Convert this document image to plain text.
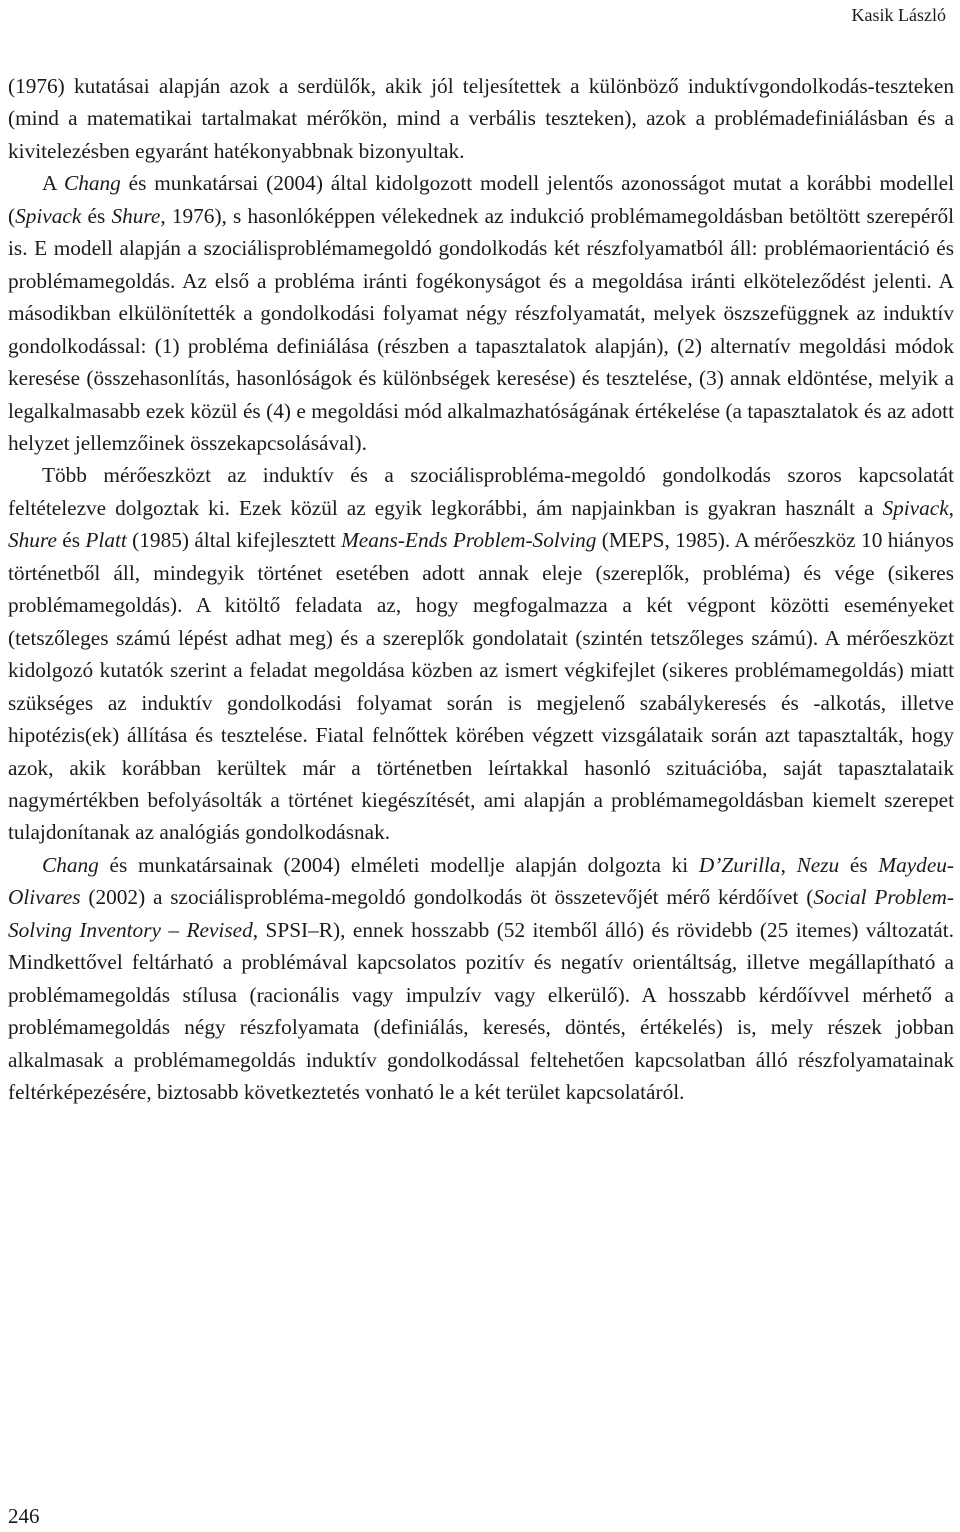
Kasik László

(1976) kutatásai alapján azok a serdülők, akik jól teljesítettek a különböző induktívgondolkodás-teszteken (mind a matematikai tartalmakat mérőkön, mind a verbális teszteken), azok a problémadefiniálásban és a kivitelezésben egyaránt hatékonyabbnak bizonyultak.

A Chang és munkatársai (2004) által kidolgozott modell jelentős azonosságot mutat a korábbi modellel (Spivack és Shure, 1976), s hasonlóképpen vélekednek az indukció problémamegoldásban betöltött szerepéről is. E modell alapján a szociálisproblémamegoldó gondolkodás két részfolyamatból áll: problémaorientáció és problémamegoldás. Az első a probléma iránti fogékonyságot és a megoldása iránti elköteleződést jelenti. A másodikban elkülönítették a gondolkodási folyamat négy részfolyamatát, melyek öszszefüggnek az induktív gondolkodással: (1) probléma definiálása (részben a tapasztalatok alapján), (2) alternatív megoldási módok keresése (összehasonlítás, hasonlóságok és különbségek keresése) és tesztelése, (3) annak eldöntése, melyik a legalkalmasabb ezek közül és (4) e megoldási mód alkalmazhatóságának értékelése (a tapasztalatok és az adott helyzet jellemzőinek összekapcsolásával).

Több mérőeszközt az induktív és a szociálisprobléma-megoldó gondolkodás szoros kapcsolatát feltételezve dolgoztak ki. Ezek közül az egyik legkorábbi, ám napjainkban is gyakran használt a Spivack, Shure és Platt (1985) által kifejlesztett Means-Ends Problem-Solving (MEPS, 1985). A mérőeszköz 10 hiányos történetből áll, mindegyik történet esetében adott annak eleje (szereplők, probléma) és vége (sikeres problémamegoldás). A kitöltő feladata az, hogy megfogalmazza a két végpont közötti eseményeket (tetszőleges számú lépést adhat meg) és a szereplők gondolatait (szintén tetszőleges számú). A mérőeszközt kidolgozó kutatók szerint a feladat megoldása közben az ismert végkifejlet (sikeres problémamegoldás) miatt szükséges az induktív gondolkodási folyamat során is megjelenő szabálykeresés és -alkotás, illetve hipotézis(ek) állítása és tesztelése. Fiatal felnőttek körében végzett vizsgálataik során azt tapasztalták, hogy azok, akik korábban kerültek már a történetben leírtakkal hasonló szituációba, saját tapasztalataik nagymértékben befolyásolták a történet kiegészítését, ami alapján a problémamegoldásban kiemelt szerepet tulajdonítanak az analógiás gondolkodásnak.

Chang és munkatársainak (2004) elméleti modellje alapján dolgozta ki D’Zurilla, Nezu és Maydeu-Olivares (2002) a szociálisprobléma-megoldó gondolkodás öt összetevőjét mérő kérdőívet (Social Problem-Solving Inventory – Revised, SPSI–R), ennek hosszabb (52 itemből álló) és rövidebb (25 itemes) változatát. Mindkettővel feltárható a problémával kapcsolatos pozitív és negatív orientáltság, illetve megállapítható a problémamegoldás stílusa (racionális vagy impulzív vagy elkerülő). A hosszabb kérdőívvel mérhető a problémamegoldás négy részfolyamata (definiálás, keresés, döntés, értékelés) is, mely részek jobban alkalmasak a problémamegoldás induktív gondolkodással feltehetően kapcsolatban álló részfolyamatainak feltérképezésére, biztosabb következtetés vonható le a két terület kapcsolatáról.

246
